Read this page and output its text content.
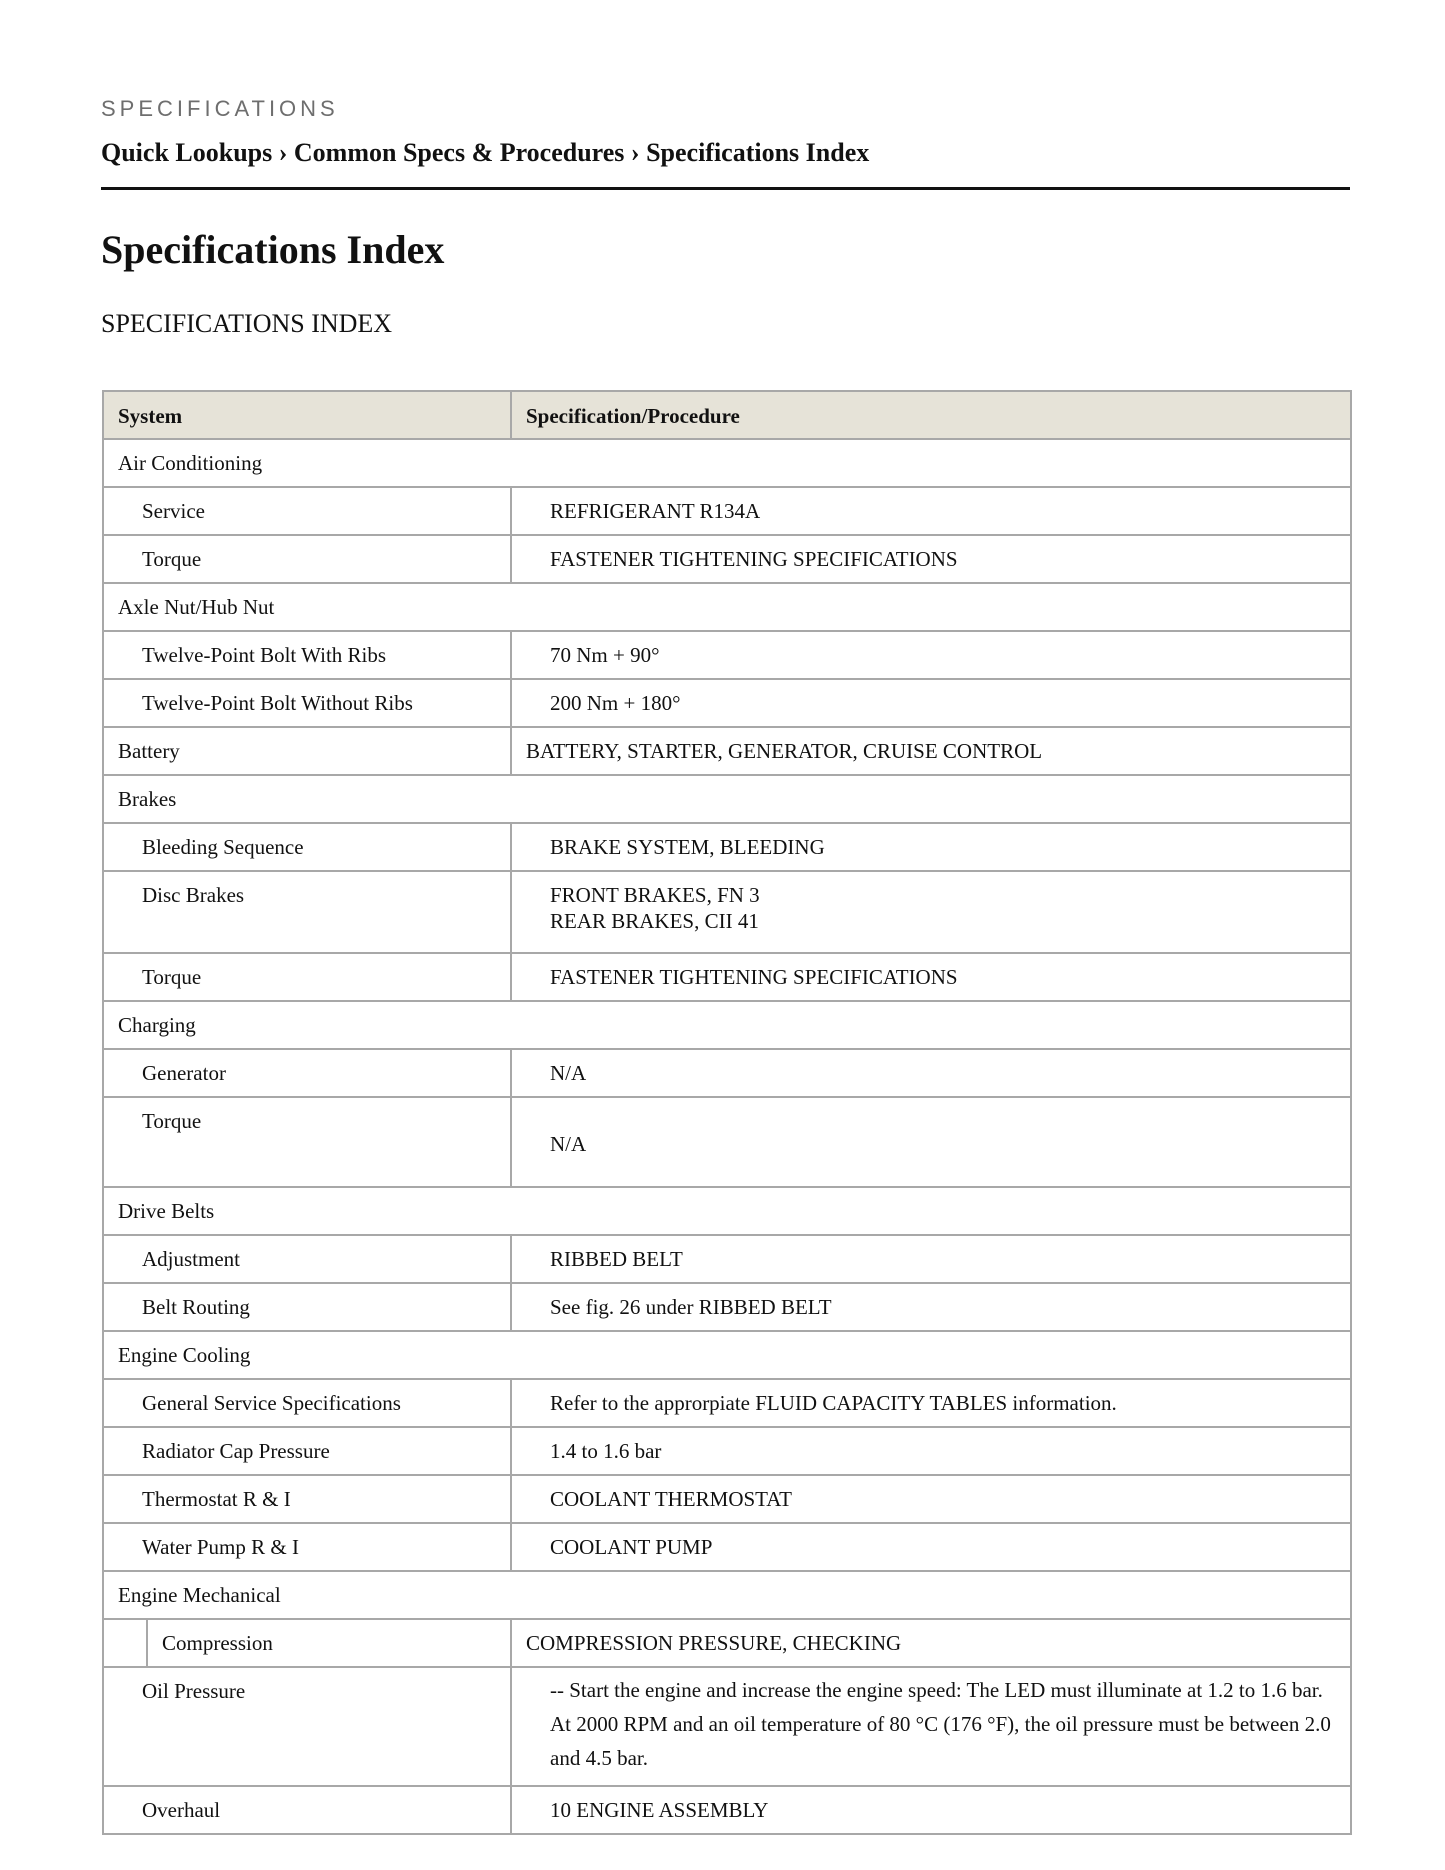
SPECIFICATIONS
Quick Lookups › Common Specs & Procedures › Specifications Index
Specifications Index
SPECIFICATIONS INDEX
System	Specification/Procedure
Air Conditioning	
Service	REFRIGERANT R134A
Torque	FASTENER TIGHTENING SPECIFICATIONS
Axle Nut/Hub Nut	
Twelve-Point Bolt With Ribs	70 Nm + 90°
Twelve-Point Bolt Without Ribs	200 Nm + 180°
Battery	BATTERY, STARTER, GENERATOR, CRUISE CONTROL
Brakes	
Bleeding Sequence	BRAKE SYSTEM, BLEEDING
Disc Brakes	FRONT BRAKES, FN 3
REAR BRAKES, CII 41

Torque	FASTENER TIGHTENING SPECIFICATIONS
Charging	
Generator	N/A
Torque	N/A
Drive Belts	
Adjustment	RIBBED BELT
Belt Routing	See fig. 26 under RIBBED BELT
Engine Cooling	
General Service Specifications	Refer to the approrpiate FLUID CAPACITY TABLES information.
Radiator Cap Pressure	1.4 to 1.6 bar
Thermostat R & I	COOLANT THERMOSTAT
Water Pump R & I	COOLANT PUMP
Engine Mechanical	

Compression	COMPRESSION PRESSURE, CHECKING
Oil Pressure	-- Start the engine and increase the engine speed: The LED must illuminate at 1.2 to 1.6 bar. At 2000 RPM and an oil temperature of 80 °C (176 °F), the oil pressure must be between 2.0 and 4.5 bar.
Overhaul	10 ENGINE ASSEMBLY
